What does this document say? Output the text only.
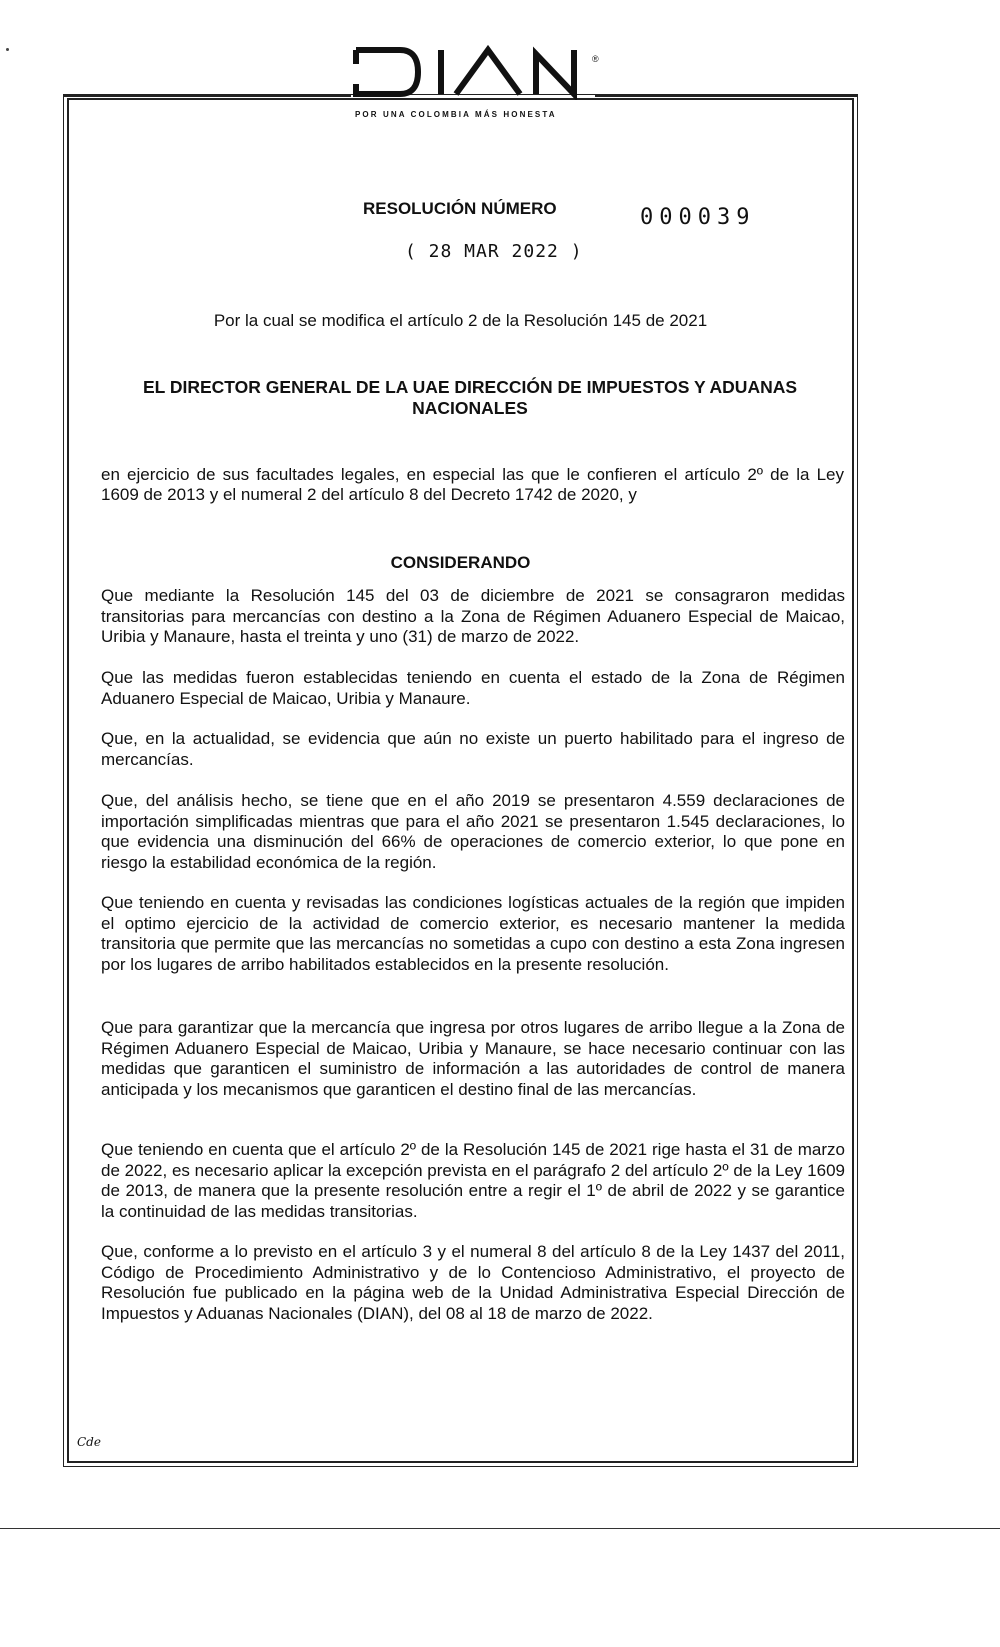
®
POR UNA COLOMBIA MÁS HONESTA
RESOLUCIÓN NÚMERO	000039
( 28 MAR 2022 )
Por la cual se modifica el artículo 2 de la Resolución 145 de 2021
EL DIRECTOR GENERAL DE LA UAE DIRECCIÓN DE IMPUESTOS Y ADUANAS NACIONALES
en ejercicio de sus facultades legales, en especial las que le confieren el artículo 2º de la Ley 1609 de 2013 y el numeral 2 del artículo 8 del Decreto 1742 de 2020, y
CONSIDERANDO

Que mediante la Resolución 145 del 03 de diciembre de 2021 se consagraron medidas transitorias para mercancías con destino a la Zona de Régimen Aduanero Especial de Maicao, Uribia y Manaure, hasta el treinta y uno (31) de marzo de 2022.

Que las medidas fueron establecidas teniendo en cuenta el estado de la Zona de Régimen Aduanero Especial de Maicao, Uribia y Manaure.

Que, en la actualidad, se evidencia que aún no existe un puerto habilitado para el ingreso de mercancías.

Que, del análisis hecho, se tiene que en el año 2019 se presentaron 4.559 declaraciones de importación simplificadas mientras que para el año 2021 se presentaron 1.545 declaraciones, lo que evidencia una disminución del 66% de operaciones de comercio exterior, lo que pone en riesgo la estabilidad económica de la región.

Que teniendo en cuenta y revisadas las condiciones logísticas actuales de la región que impiden el optimo ejercicio de la actividad de comercio exterior, es necesario mantener la medida transitoria que permite que las mercancías no sometidas a cupo con destino a esta Zona ingresen por los lugares de arribo habilitados establecidos en la presente resolución.

Que para garantizar que la mercancía que ingresa por otros lugares de arribo llegue a la Zona de Régimen Aduanero Especial de Maicao, Uribia y Manaure, se hace necesario continuar con las medidas que garanticen el suministro de información a las autoridades de control de manera anticipada y los mecanismos que garanticen el destino final de las mercancías.

Que teniendo en cuenta que el artículo 2º de la Resolución 145 de 2021 rige hasta el 31 de marzo de 2022, es necesario aplicar la excepción prevista en el parágrafo 2 del artículo 2º de la Ley 1609 de 2013, de manera que la presente resolución entre a regir el 1º de abril de 2022 y se garantice la continuidad de las medidas transitorias.

Que, conforme a lo previsto en el artículo 3 y el numeral 8 del artículo 8 de la Ley 1437 del 2011, Código de Procedimiento Administrativo y de lo Contencioso Administrativo, el proyecto de Resolución fue publicado en la página web de la Unidad Administrativa Especial Dirección de Impuestos y Aduanas Nacionales (DIAN), del 08 al 18 de marzo de 2022.

Cde
